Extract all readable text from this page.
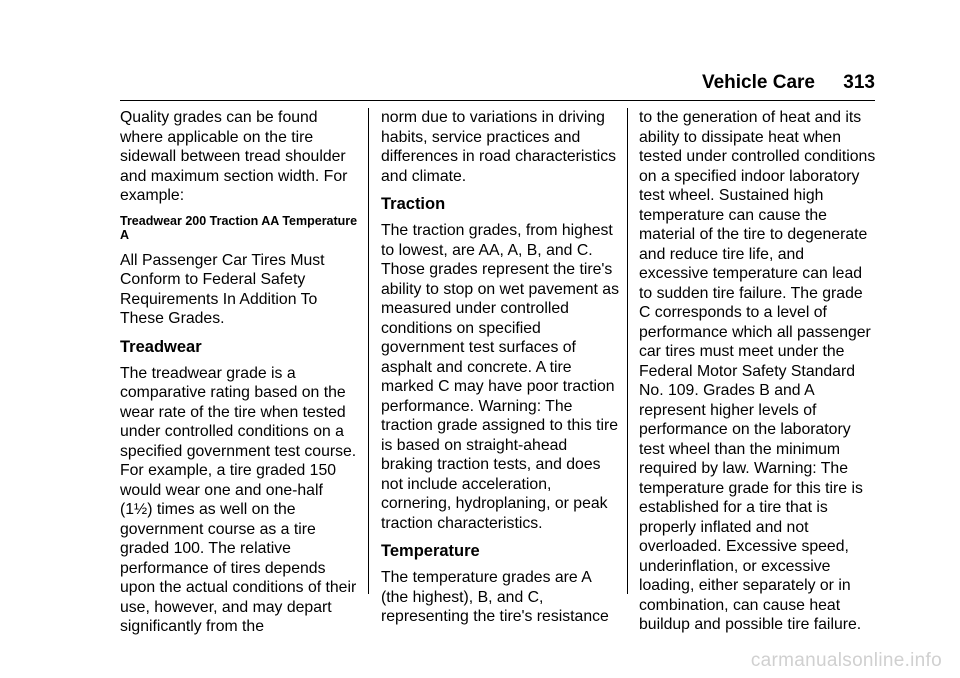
Vehicle Care 313

Quality grades can be found where applicable on the tire sidewall between tread shoulder and maximum section width. For example:

Treadwear 200 Traction AA Temperature A

All Passenger Car Tires Must Conform to Federal Safety Requirements In Addition To These Grades.

Treadwear

The treadwear grade is a comparative rating based on the wear rate of the tire when tested under controlled conditions on a specified government test course. For example, a tire graded 150 would wear one and one-half (1½) times as well on the government course as a tire graded 100. The relative performance of tires depends upon the actual conditions of their use, however, and may depart significantly from the

norm due to variations in driving habits, service practices and differences in road characteristics and climate.

Traction

The traction grades, from highest to lowest, are AA, A, B, and C. Those grades represent the tire's ability to stop on wet pavement as measured under controlled conditions on specified government test surfaces of asphalt and concrete. A tire marked C may have poor traction performance. Warning: The traction grade assigned to this tire is based on straight-ahead braking traction tests, and does not include acceleration, cornering, hydroplaning, or peak traction characteristics.

Temperature

The temperature grades are A (the highest), B, and C, representing the tire's resistance

to the generation of heat and its ability to dissipate heat when tested under controlled conditions on a specified indoor laboratory test wheel. Sustained high temperature can cause the material of the tire to degenerate and reduce tire life, and excessive temperature can lead to sudden tire failure. The grade C corresponds to a level of performance which all passenger car tires must meet under the Federal Motor Safety Standard No. 109. Grades B and A represent higher levels of performance on the laboratory test wheel than the minimum required by law. Warning: The temperature grade for this tire is established for a tire that is properly inflated and not overloaded. Excessive speed, underinflation, or excessive loading, either separately or in combination, can cause heat buildup and possible tire failure.

carmanualsonline.info
